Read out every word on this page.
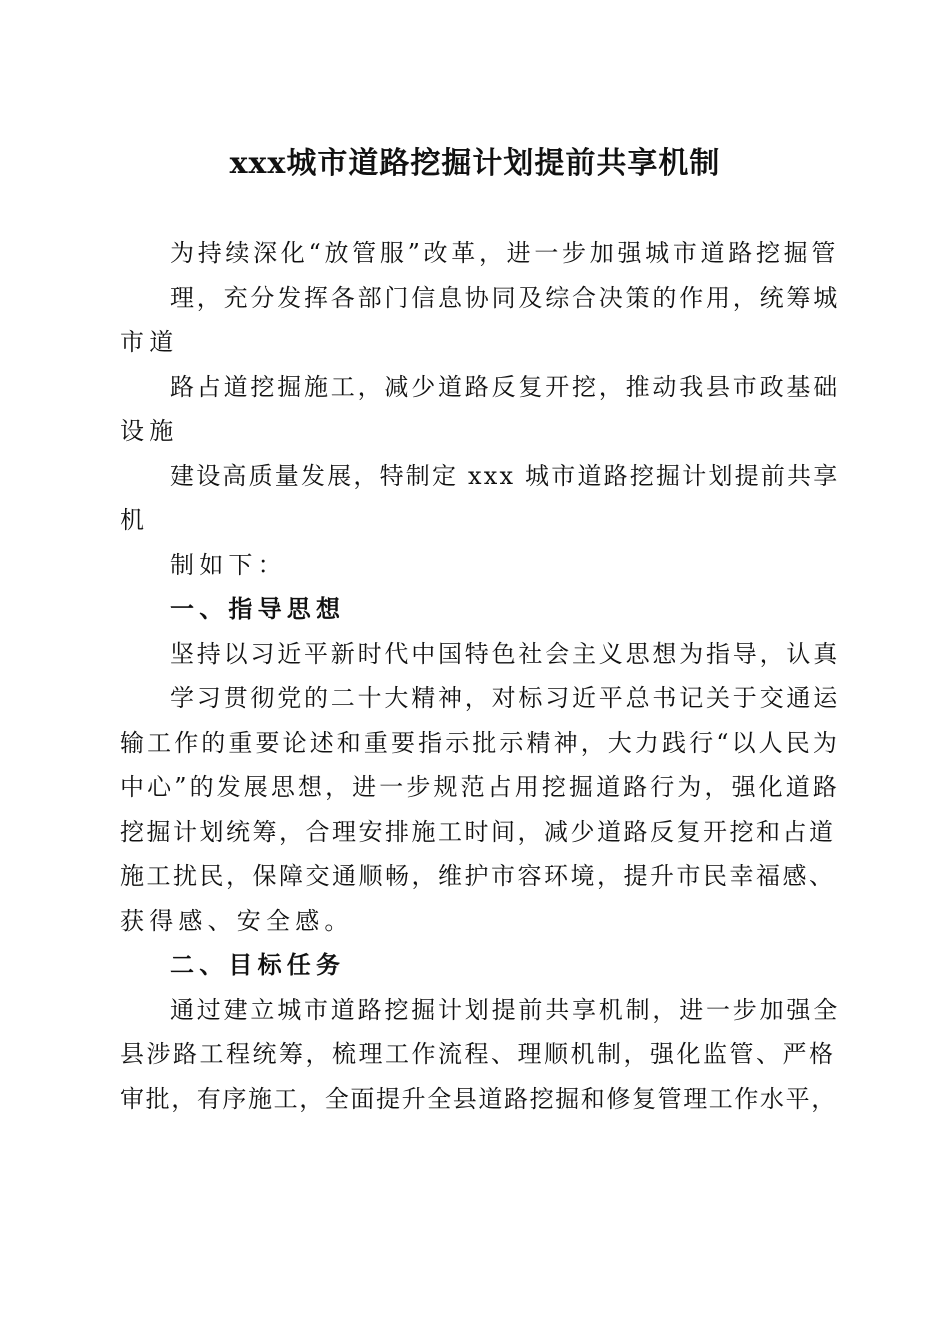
xxx城市道路挖掘计划提前共享机制
为持续深化“放管服”改革，进一步加强城市道路挖掘管
理，充分发挥各部门信息协同及综合决策的作用，统筹城
市道
路占道挖掘施工，减少道路反复开挖，推动我县市政基础
设施
建设高质量发展，特制定 xxx 城市道路挖掘计划提前共享
机
制如下：
一、指导思想
坚持以习近平新时代中国特色社会主义思想为指导，认真
学习贯彻党的二十大精神，对标习近平总书记关于交通运
输工作的重要论述和重要指示批示精神，大力践行“以人民为
中心”的发展思想，进一步规范占用挖掘道路行为，强化道路
挖掘计划统筹，合理安排施工时间，减少道路反复开挖和占道
施工扰民，保障交通顺畅，维护市容环境，提升市民幸福感、
获得感、安全感。
二、目标任务
通过建立城市道路挖掘计划提前共享机制，进一步加强全
县涉路工程统筹，梳理工作流程、理顺机制，强化监管、严格
审批，有序施工，全面提升全县道路挖掘和修复管理工作水平，
